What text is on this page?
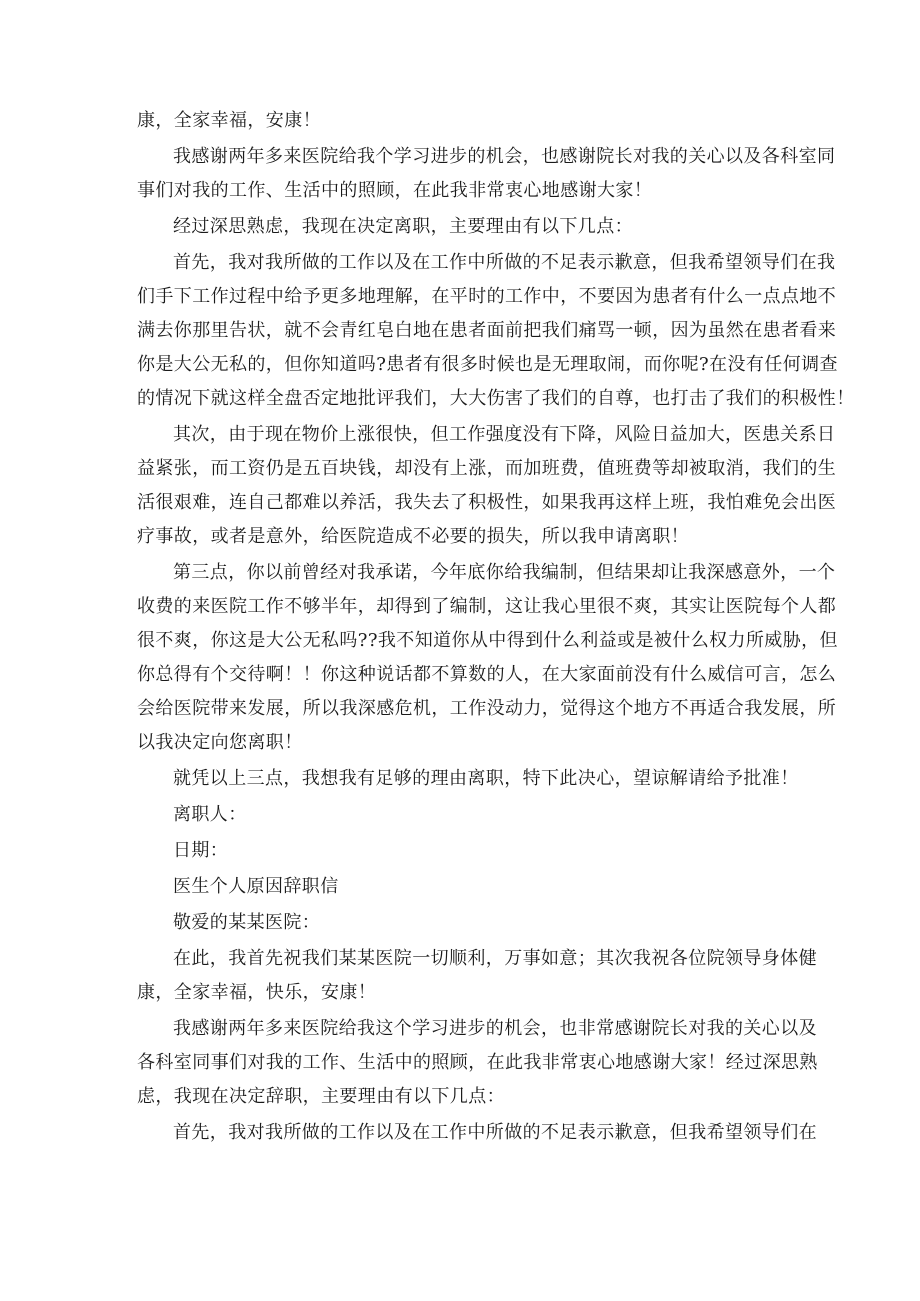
康，全家幸福，安康！
我感谢两年多来医院给我个学习进步的机会，也感谢院长对我的关心以及各科室同
事们对我的工作、生活中的照顾，在此我非常衷心地感谢大家！
经过深思熟虑，我现在决定离职，主要理由有以下几点：
首先，我对我所做的工作以及在工作中所做的不足表示歉意，但我希望领导们在我
们手下工作过程中给予更多地理解，在平时的工作中，不要因为患者有什么一点点地不
满去你那里告状，就不会青红皂白地在患者面前把我们痛骂一顿，因为虽然在患者看来
你是大公无私的，但你知道吗?患者有很多时候也是无理取闹，而你呢?在没有任何调查
的情况下就这样全盘否定地批评我们，大大伤害了我们的自尊，也打击了我们的积极性！
其次，由于现在物价上涨很快，但工作强度没有下降，风险日益加大，医患关系日
益紧张，而工资仍是五百块钱，却没有上涨，而加班费，值班费等却被取消，我们的生
活很艰难，连自己都难以养活，我失去了积极性，如果我再这样上班，我怕难免会出医
疗事故，或者是意外，给医院造成不必要的损失，所以我申请离职！
第三点，你以前曾经对我承诺，今年底你给我编制，但结果却让我深感意外，一个
收费的来医院工作不够半年，却得到了编制，这让我心里很不爽，其实让医院每个人都
很不爽，你这是大公无私吗??我不知道你从中得到什么利益或是被什么权力所威胁，但
你总得有个交待啊！！你这种说话都不算数的人，在大家面前没有什么威信可言，怎么
会给医院带来发展，所以我深感危机，工作没动力，觉得这个地方不再适合我发展，所
以我决定向您离职！
就凭以上三点，我想我有足够的理由离职，特下此决心，望谅解请给予批准！
离职人：
日期：
医生个人原因辞职信
敬爱的某某医院：
在此，我首先祝我们某某医院一切顺利，万事如意；其次我祝各位院领导身体健
康，全家幸福，快乐，安康！
我感谢两年多来医院给我这个学习进步的机会，也非常感谢院长对我的关心以及
各科室同事们对我的工作、生活中的照顾，在此我非常衷心地感谢大家！经过深思熟
虑，我现在决定辞职，主要理由有以下几点：
首先，我对我所做的工作以及在工作中所做的不足表示歉意，但我希望领导们在
